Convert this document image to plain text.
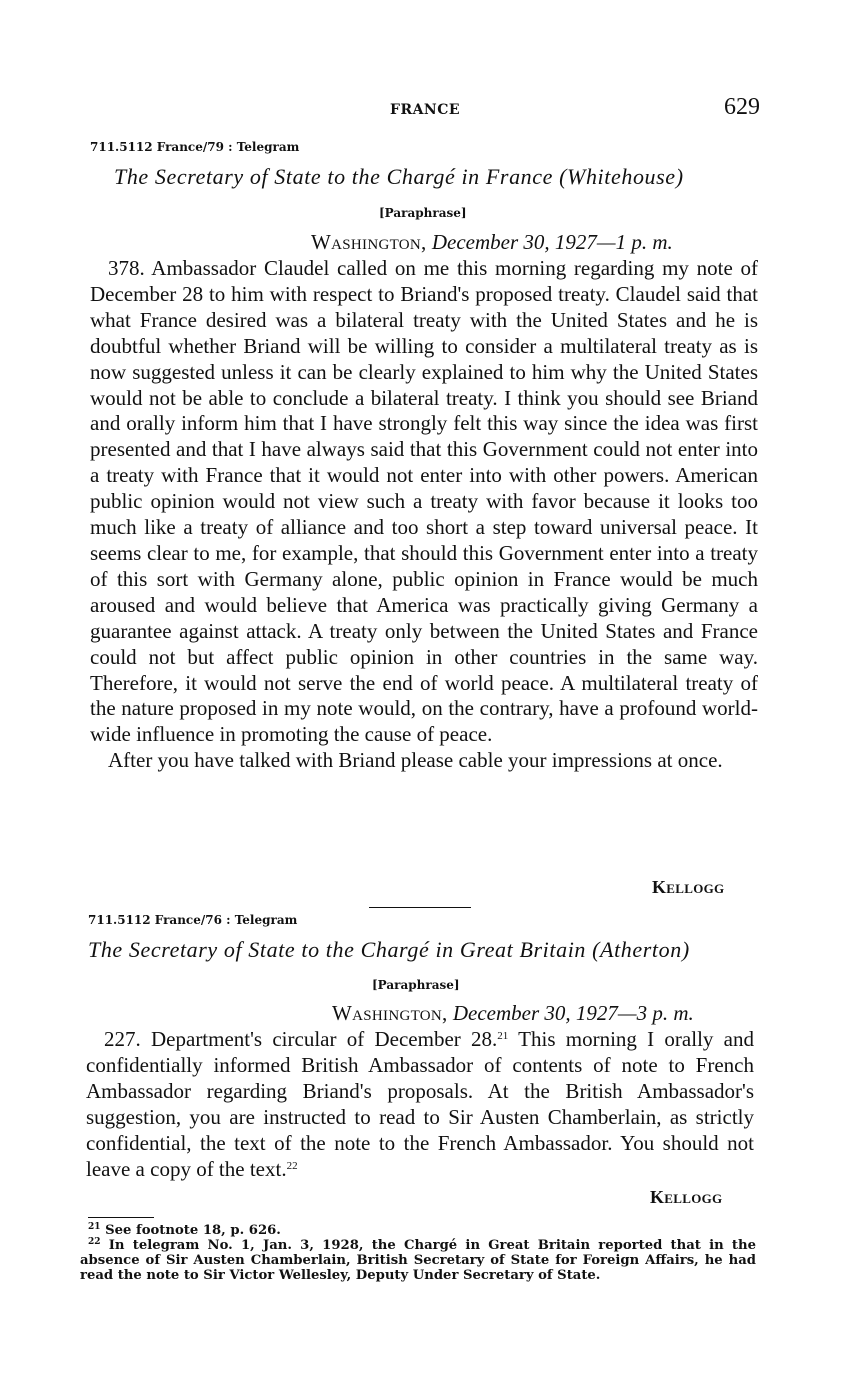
FRANCE	629
711.5112 France/79 : Telegram
The Secretary of State to the Chargé in France (Whitehouse)
[Paraphrase]
Washington, December 30, 1927—1 p. m.

378. Ambassador Claudel called on me this morning regarding my note of December 28 to him with respect to Briand's proposed treaty. Claudel said that what France desired was a bilateral treaty with the United States and he is doubtful whether Briand will be willing to consider a multilateral treaty as is now suggested unless it can be clearly explained to him why the United States would not be able to conclude a bilateral treaty. I think you should see Briand and orally inform him that I have strongly felt this way since the idea was first presented and that I have always said that this Government could not enter into a treaty with France that it would not enter into with other powers. American public opinion would not view such a treaty with favor because it looks too much like a treaty of alliance and too short a step toward universal peace. It seems clear to me, for example, that should this Government enter into a treaty of this sort with Germany alone, public opinion in France would be much aroused and would believe that America was practically giving Germany a guarantee against attack. A treaty only between the United States and France could not but affect public opinion in other countries in the same way. Therefore, it would not serve the end of world peace. A multilateral treaty of the nature proposed in my note would, on the contrary, have a profound world-wide influence in promoting the cause of peace.

After you have talked with Briand please cable your impressions at once.

Kellogg
711.5112 France/76 : Telegram
The Secretary of State to the Chargé in Great Britain (Atherton)
[Paraphrase]
Washington, December 30, 1927—3 p. m.

227. Department's circular of December 28.21 This morning I orally and confidentially informed British Ambassador of contents of note to French Ambassador regarding Briand's proposals. At the British Ambassador's suggestion, you are instructed to read to Sir Austen Chamberlain, as strictly confidential, the text of the note to the French Ambassador. You should not leave a copy of the text.$^{22}$

Kellogg

$^{21}$ See footnote 18, p. 626.

$^{22}$ In telegram No. 1, Jan. 3, 1928, the Chargé in Great Britain reported that in the absence of Sir Austen Chamberlain, British Secretary of State for Foreign Affairs, he had read the note to Sir Victor Wellesley, Deputy Under Secretary of State.
